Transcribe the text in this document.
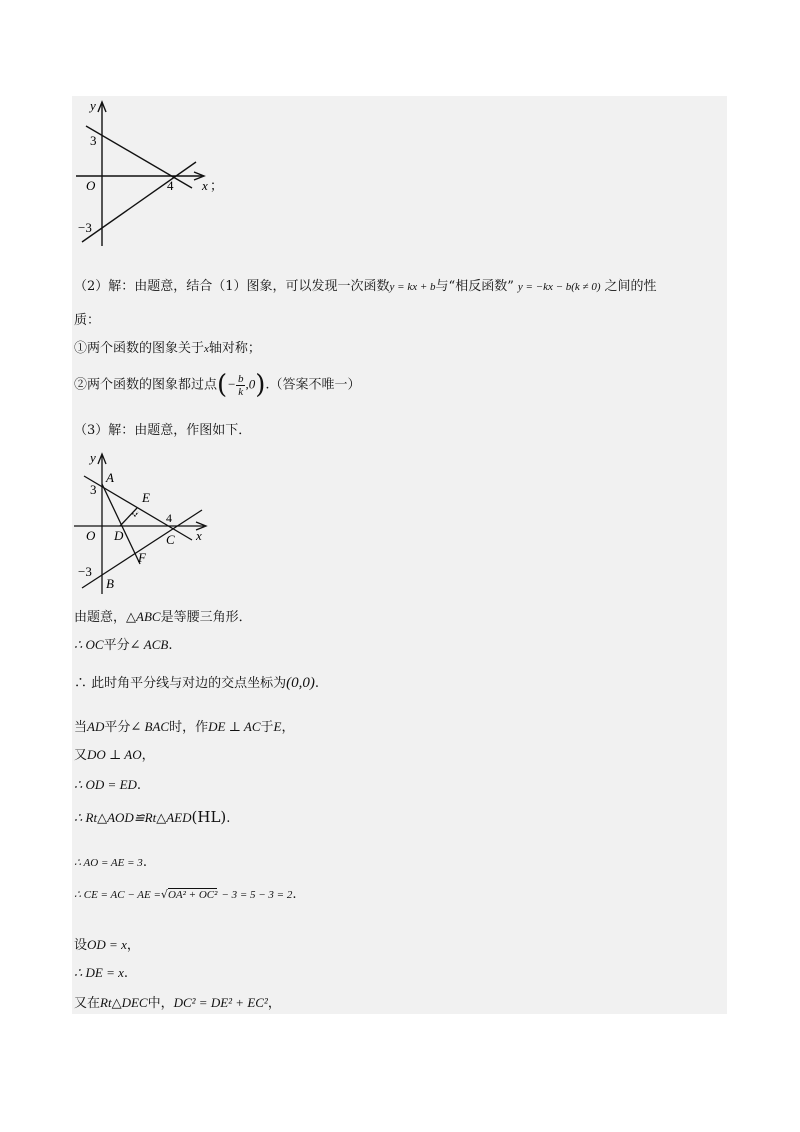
y
3
O	4 x ；
−3
（2）解：由题意，结合（1）图象，可以发现一次函数y = kx + b与“相反函数” y = −kx − b(k ≠ 0) 之间的性
质：
①两个函数的图象关于x轴对称；
②两个函数的图象都过点(− $\frac{b}{k} ,0$).（答案不唯一）
（3）解：由题意，作图如下．
y
A
3
E
4
O D	C x
F
−3
B
由题意，△ABC是等腰三角形．
∴ OC平分∠ ACB.
∴ 此时角平分线与对边的交点坐标为(0,0).
当AD平分∠ BAC时，作DE ⊥ AC于E，
又DO ⊥ AO，
∴ OD = ED.
∴ Rt△AOD≌Rt△AED(HL).
∴ AO = AE = 3.
∴ CE = AC − AE =√OA² + OC² − 3 = 5 − 3 = 2.
设OD = x，
∴ DE = x.
又在Rt△DEC中，DC² = DE² + EC²，
